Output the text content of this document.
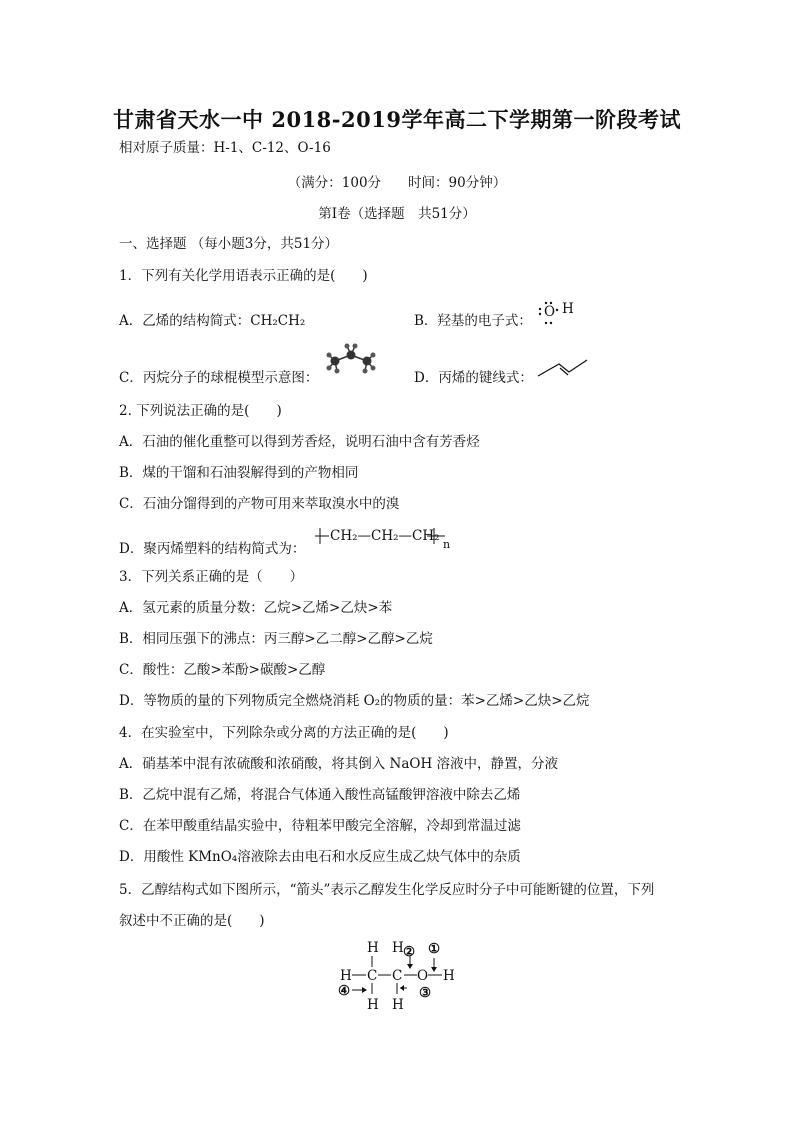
甘肃省天水一中 2018-2019学年高二下学期第一阶段考试
相对原子质量：H-1、C-12、O-16
（满分：100分　　时间：90分钟）
第Ⅰ卷（选择题　共51分）
一、选择题 （每小题3分，共51分）
1．下列有关化学用语表示正确的是(　　)
A．乙烯的结构简式：CH₂CH₂	B．羟基的电子式：
O H
C．丙烷分子的球棍模型示意图：	D．丙烯的键线式：
2. 下列说法正确的是(　　)
A．石油的催化重整可以得到芳香烃，说明石油中含有芳香烃
B．煤的干馏和石油裂解得到的产物相同
C．石油分馏得到的产物可用来萃取溴水中的溴
D．聚丙烯塑料的结构简式为：
CH₂—CH₂—CH₂
n
3．下列关系正确的是（　　）
A．氢元素的质量分数：乙烷>乙烯>乙炔>苯
B．相同压强下的沸点：丙三醇>乙二醇>乙醇>乙烷
C．酸性：乙酸>苯酚>碳酸>乙醇
D．等物质的量的下列物质完全燃烧消耗 O₂的物质的量：苯>乙烯>乙炔>乙烷
4．在实验室中，下列除杂或分离的方法正确的是(　　)
A．硝基苯中混有浓硫酸和浓硝酸，将其倒入 NaOH 溶液中，静置，分液
B．乙烷中混有乙烯，将混合气体通入酸性高锰酸钾溶液中除去乙烯
C．在苯甲酸重结晶实验中，待粗苯甲酸完全溶解，冷却到常温过滤
D．用酸性 KMnO₄溶液除去由电石和水反应生成乙炔气体中的杂质
5．乙醇结构式如下图所示，“箭头”表示乙醇发生化学反应时分子中可能断键的位置，下列
叙述中不正确的是(　　)
H H
H C C O H
H H
①
②
③
④
